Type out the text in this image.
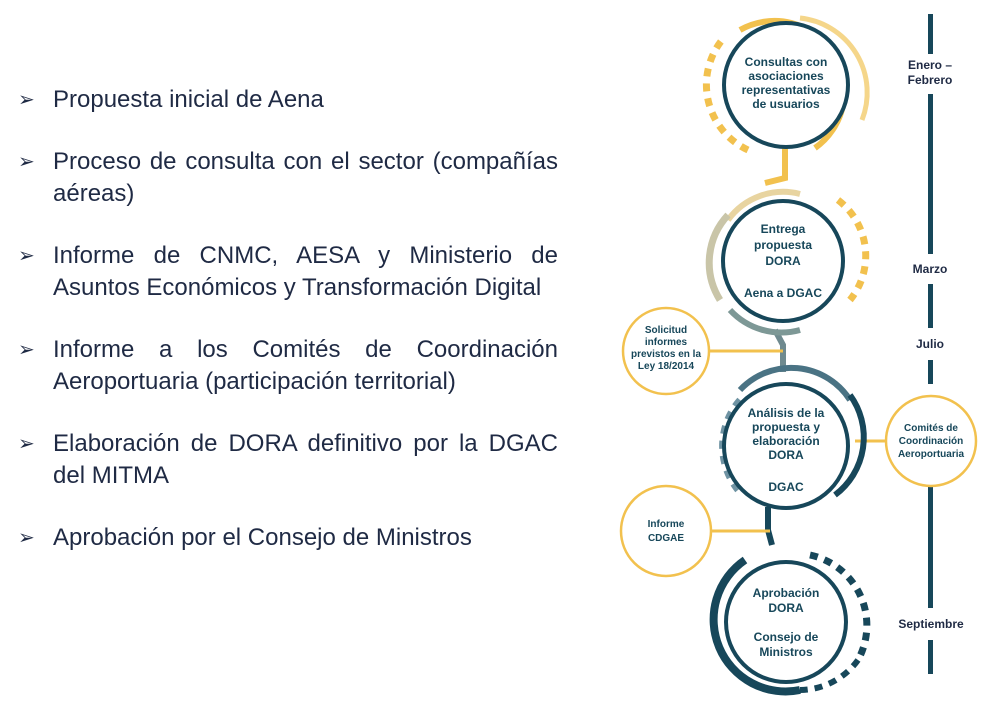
➢ Propuesta inicial de Aena
➢ Proceso de consulta con el sector (compañías aéreas)
➢ Informe de CNMC, AESA y Ministerio de Asuntos Económicos y Transformación Digital
➢ Informe a los Comités de Coordinación Aeroportuaria (participación territorial)
➢ Elaboración de DORA definitivo por la DGAC del MITMA
➢ Aprobación por el Consejo de Ministros
Consultas con
asociaciones
representativas
de usuarios
Entrega
propuesta
DORA
Aena a DGAC
Análisis de la
propuesta y
elaboración
DORA
DGAC
Aprobación
DORA
Consejo de
Ministros
Solicitud
informes
previstos en la
Ley 18/2014
Comités de
Coordinación
Aeroportuaria
Informe
CDGAE
Enero –
Febrero
Marzo
Julio
Septiembre
